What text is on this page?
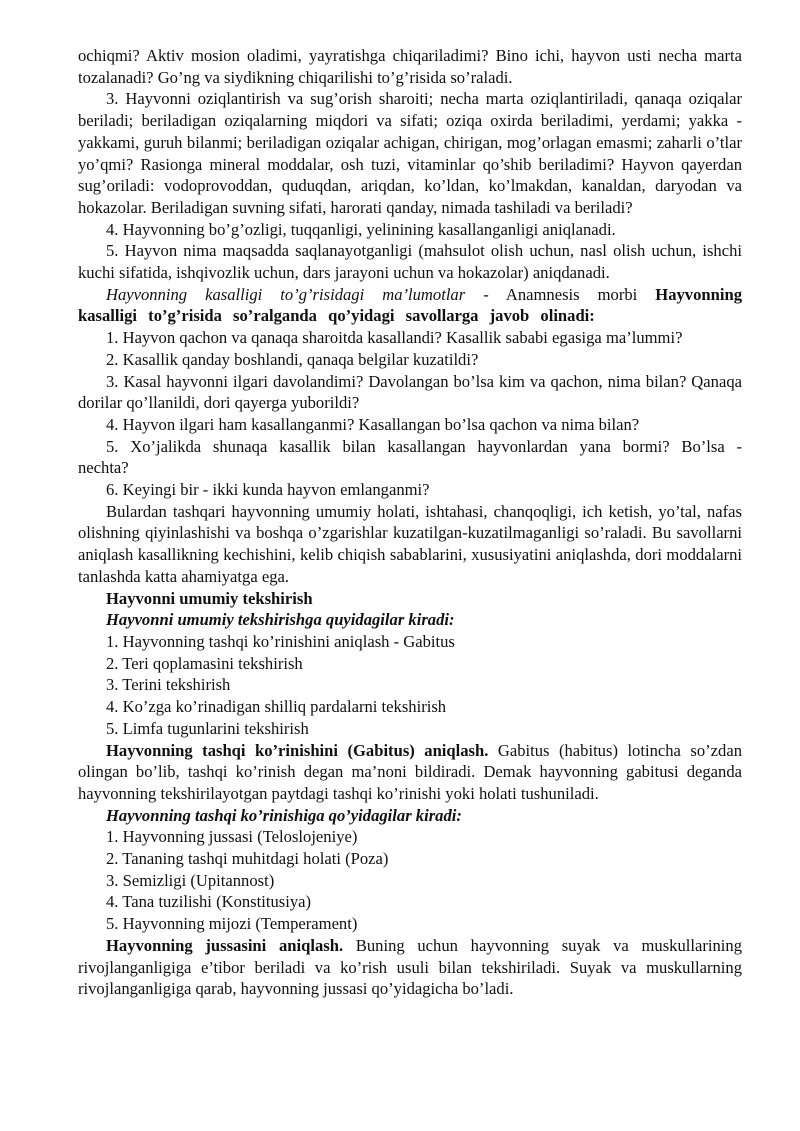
ochiqmi? Aktiv mosion oladimi, yayratishga chiqariladimi? Bino ichi, hayvon usti necha marta tozalanadi? Go’ng va siydikning chiqarilishi to’g’risida so’raladi.

3. Hayvonni oziqlantirish va sug’orish sharoiti; necha marta oziqlantiriladi, qanaqa oziqalar beriladi; beriladigan oziqalarning miqdori va sifati; oziqa oxirda beriladimi, yerdami; yakka - yakkami, guruh bilanmi; beriladigan oziqalar achigan, chirigan, mog’orlagan emasmi; zaharli o’tlar yo’qmi? Rasionga mineral moddalar, osh tuzi, vitaminlar qo’shib beriladimi? Hayvon qayerdan sug’oriladi: vodoprovoddan, quduqdan, ariqdan, ko’ldan, ko’lmakdan, kanaldan, daryodan va hokazolar. Beriladigan suvning sifati, harorati qanday, nimada tashiladi va beriladi?

4. Hayvonning bo’g’ozligi, tuqqanligi, yelinining kasallanganligi aniqlanadi.

5. Hayvon nima maqsadda saqlanayotganligi (mahsulot olish uchun, nasl olish uchun, ishchi kuchi sifatida, ishqivozlik uchun, dars jarayoni uchun va hokazolar) aniqdanadi.

Hayvonning kasalligi to’g’risidagi ma’lumotlar - Anamnesis morbi Hayvonning kasalligi to’g’risida so’ralganda qo’yidagi savollarga javob olinadi:

1. Hayvon qachon va qanaqa sharoitda kasallandi? Kasallik sababi egasiga ma’lummi?

2. Kasallik qanday boshlandi, qanaqa belgilar kuzatildi?

3. Kasal hayvonni ilgari davolandimi? Davolangan bo’lsa kim va qachon, nima bilan? Qanaqa dorilar qo’llanildi, dori qayerga yuborildi?

4. Hayvon ilgari ham kasallanganmi? Kasallangan bo’lsa qachon va nima bilan?

5. Xo’jalikda shunaqa kasallik bilan kasallangan hayvonlardan yana bormi? Bo’lsa - nechta?

6. Keyingi bir - ikki kunda hayvon emlanganmi?

Bulardan tashqari hayvonning umumiy holati, ishtahasi, chanqoqligi, ich ketish, yo’tal, nafas olishning qiyinlashishi va boshqa o’zgarishlar kuzatilgan-kuzatilmaganligi so’raladi. Bu savollarni aniqlash kasallikning kechishini, kelib chiqish sabablarini, xususiyatini aniqlashda, dori moddalarni tanlashda katta ahamiyatga ega.

Hayvonni umumiy tekshirish

Hayvonni umumiy tekshirishga quyidagilar kiradi:

1. Hayvonning tashqi ko’rinishini aniqlash - Gabitus

2. Teri qoplamasini tekshirish

3. Terini tekshirish

4. Ko’zga ko’rinadigan shilliq pardalarni tekshirish

5. Limfa tugunlarini tekshirish

Hayvonning tashqi ko’rinishini (Gabitus) aniqlash. Gabitus (habitus) lotincha so’zdan olingan bo’lib, tashqi ko’rinish degan ma’noni bildiradi. Demak hayvonning gabitusi deganda hayvonning tekshirilayotgan paytdagi tashqi ko’rinishi yoki holati tushuniladi.

Hayvonning tashqi ko’rinishiga qo’yidagilar kiradi:

1. Hayvonning jussasi (Teloslojeniye)

2. Tananing tashqi muhitdagi holati (Poza)

3. Semizligi (Upitannost)

4. Tana tuzilishi (Konstitusiya)

5. Hayvonning mijozi (Temperament)

Hayvonning jussasini aniqlash. Buning uchun hayvonning suyak va muskullarining rivojlanganligiga e’tibor beriladi va ko’rish usuli bilan tekshiriladi. Suyak va muskullarning rivojlanganligiga qarab, hayvonning jussasi qo’yidagicha bo’ladi.
